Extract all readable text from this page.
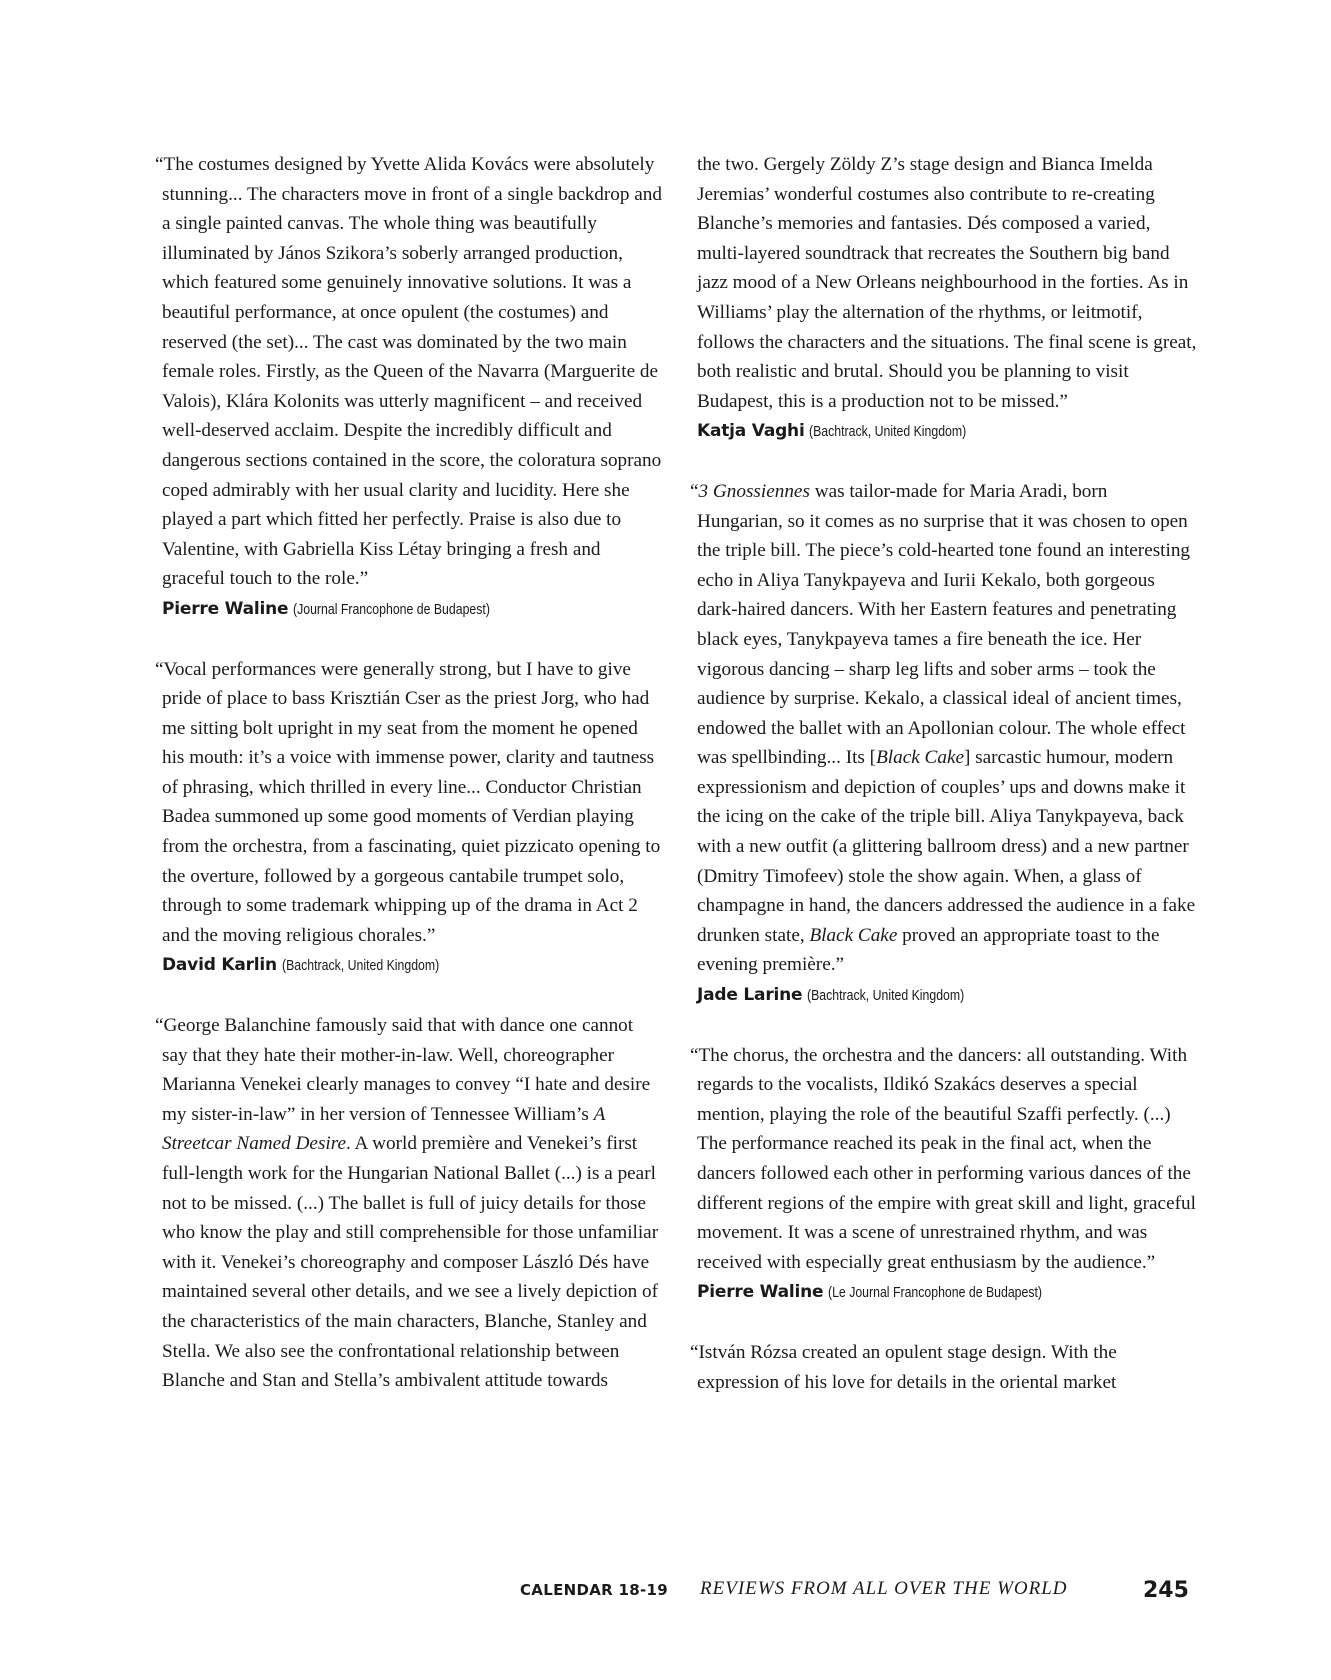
“The costumes designed by Yvette Alida Kovács were absolutely stunning... The characters move in front of a single backdrop and a single painted canvas. The whole thing was beautifully illuminated by János Szikora’s soberly arranged production, which featured some genuinely innovative solutions. It was a beautiful performance, at once opulent (the costumes) and reserved (the set)... The cast was dominated by the two main female roles. Firstly, as the Queen of the Navarra (Marguerite de Valois), Klára Kolonits was utterly magnificent – and received well-deserved acclaim. Despite the incredibly difficult and dangerous sections contained in the score, the coloratura soprano coped admirably with her usual clarity and lucidity. Here she played a part which fitted her perfectly. Praise is also due to Valentine, with Gabriella Kiss Létay bringing a fresh and graceful touch to the role.”

Pierre Waline (Journal Francophone de Budapest)

“Vocal performances were generally strong, but I have to give pride of place to bass Krisztián Cser as the priest Jorg, who had me sitting bolt upright in my seat from the moment he opened his mouth: it’s a voice with immense power, clarity and tautness of phrasing, which thrilled in every line... Conductor Christian Badea summoned up some good moments of Verdian playing from the orchestra, from a fascinating, quiet pizzicato opening to the overture, followed by a gorgeous cantabile trumpet solo, through to some trademark whipping up of the drama in Act 2 and the moving religious chorales.”

David Karlin (Bachtrack, United Kingdom)

“George Balanchine famously said that with dance one cannot say that they hate their mother-in-law. Well, choreographer Marianna Venekei clearly manages to convey “I hate and desire my sister-in-law” in her version of Tennessee William’s A Streetcar Named Desire. A world première and Venekei’s first full-length work for the Hungarian National Ballet (...) is a pearl not to be missed. (...) The ballet is full of juicy details for those who know the play and still comprehensible for those unfamiliar with it. Venekei’s choreography and composer László Dés have maintained several other details, and we see a lively depiction of the characteristics of the main characters, Blanche, Stanley and Stella. We also see the confrontational relationship between Blanche and Stan and Stella’s ambivalent attitude towards

the two. Gergely Zöldy Z’s stage design and Bianca Imelda Jeremias’ wonderful costumes also contribute to re-creating Blanche’s memories and fantasies. Dés composed a varied, multi-layered soundtrack that recreates the Southern big band jazz mood of a New Orleans neighbourhood in the forties. As in Williams’ play the alternation of the rhythms, or leitmotif, follows the characters and the situations. The final scene is great, both realistic and brutal. Should you be planning to visit Budapest, this is a production not to be missed.”

Katja Vaghi (Bachtrack, United Kingdom)

“3 Gnossiennes was tailor-made for Maria Aradi, born Hungarian, so it comes as no surprise that it was chosen to open the triple bill. The piece’s cold-hearted tone found an interesting echo in Aliya Tanykpayeva and Iurii Kekalo, both gorgeous dark-haired dancers. With her Eastern features and penetrating black eyes, Tanykpayeva tames a fire beneath the ice. Her vigorous dancing – sharp leg lifts and sober arms – took the audience by surprise. Kekalo, a classical ideal of ancient times, endowed the ballet with an Apollonian colour. The whole effect was spellbinding... Its [Black Cake] sarcastic humour, modern expressionism and depiction of couples’ ups and downs make it the icing on the cake of the triple bill. Aliya Tanykpayeva, back with a new outfit (a glittering ballroom dress) and a new partner (Dmitry Timofeev) stole the show again. When, a glass of champagne in hand, the dancers addressed the audience in a fake drunken state, Black Cake proved an appropriate toast to the evening première.”

Jade Larine (Bachtrack, United Kingdom)

“The chorus, the orchestra and the dancers: all outstanding. With regards to the vocalists, Ildikó Szakács deserves a special mention, playing the role of the beautiful Szaffi perfectly. (...) The performance reached its peak in the final act, when the dancers followed each other in performing various dances of the different regions of the empire with great skill and light, graceful movement. It was a scene of unrestrained rhythm, and was received with especially great enthusiasm by the audience.”

Pierre Waline (Le Journal Francophone de Budapest)

“István Rózsa created an opulent stage design. With the expression of his love for details in the oriental market

CALENDAR 18-19 REVIEWS FROM ALL OVER THE WORLD	245
